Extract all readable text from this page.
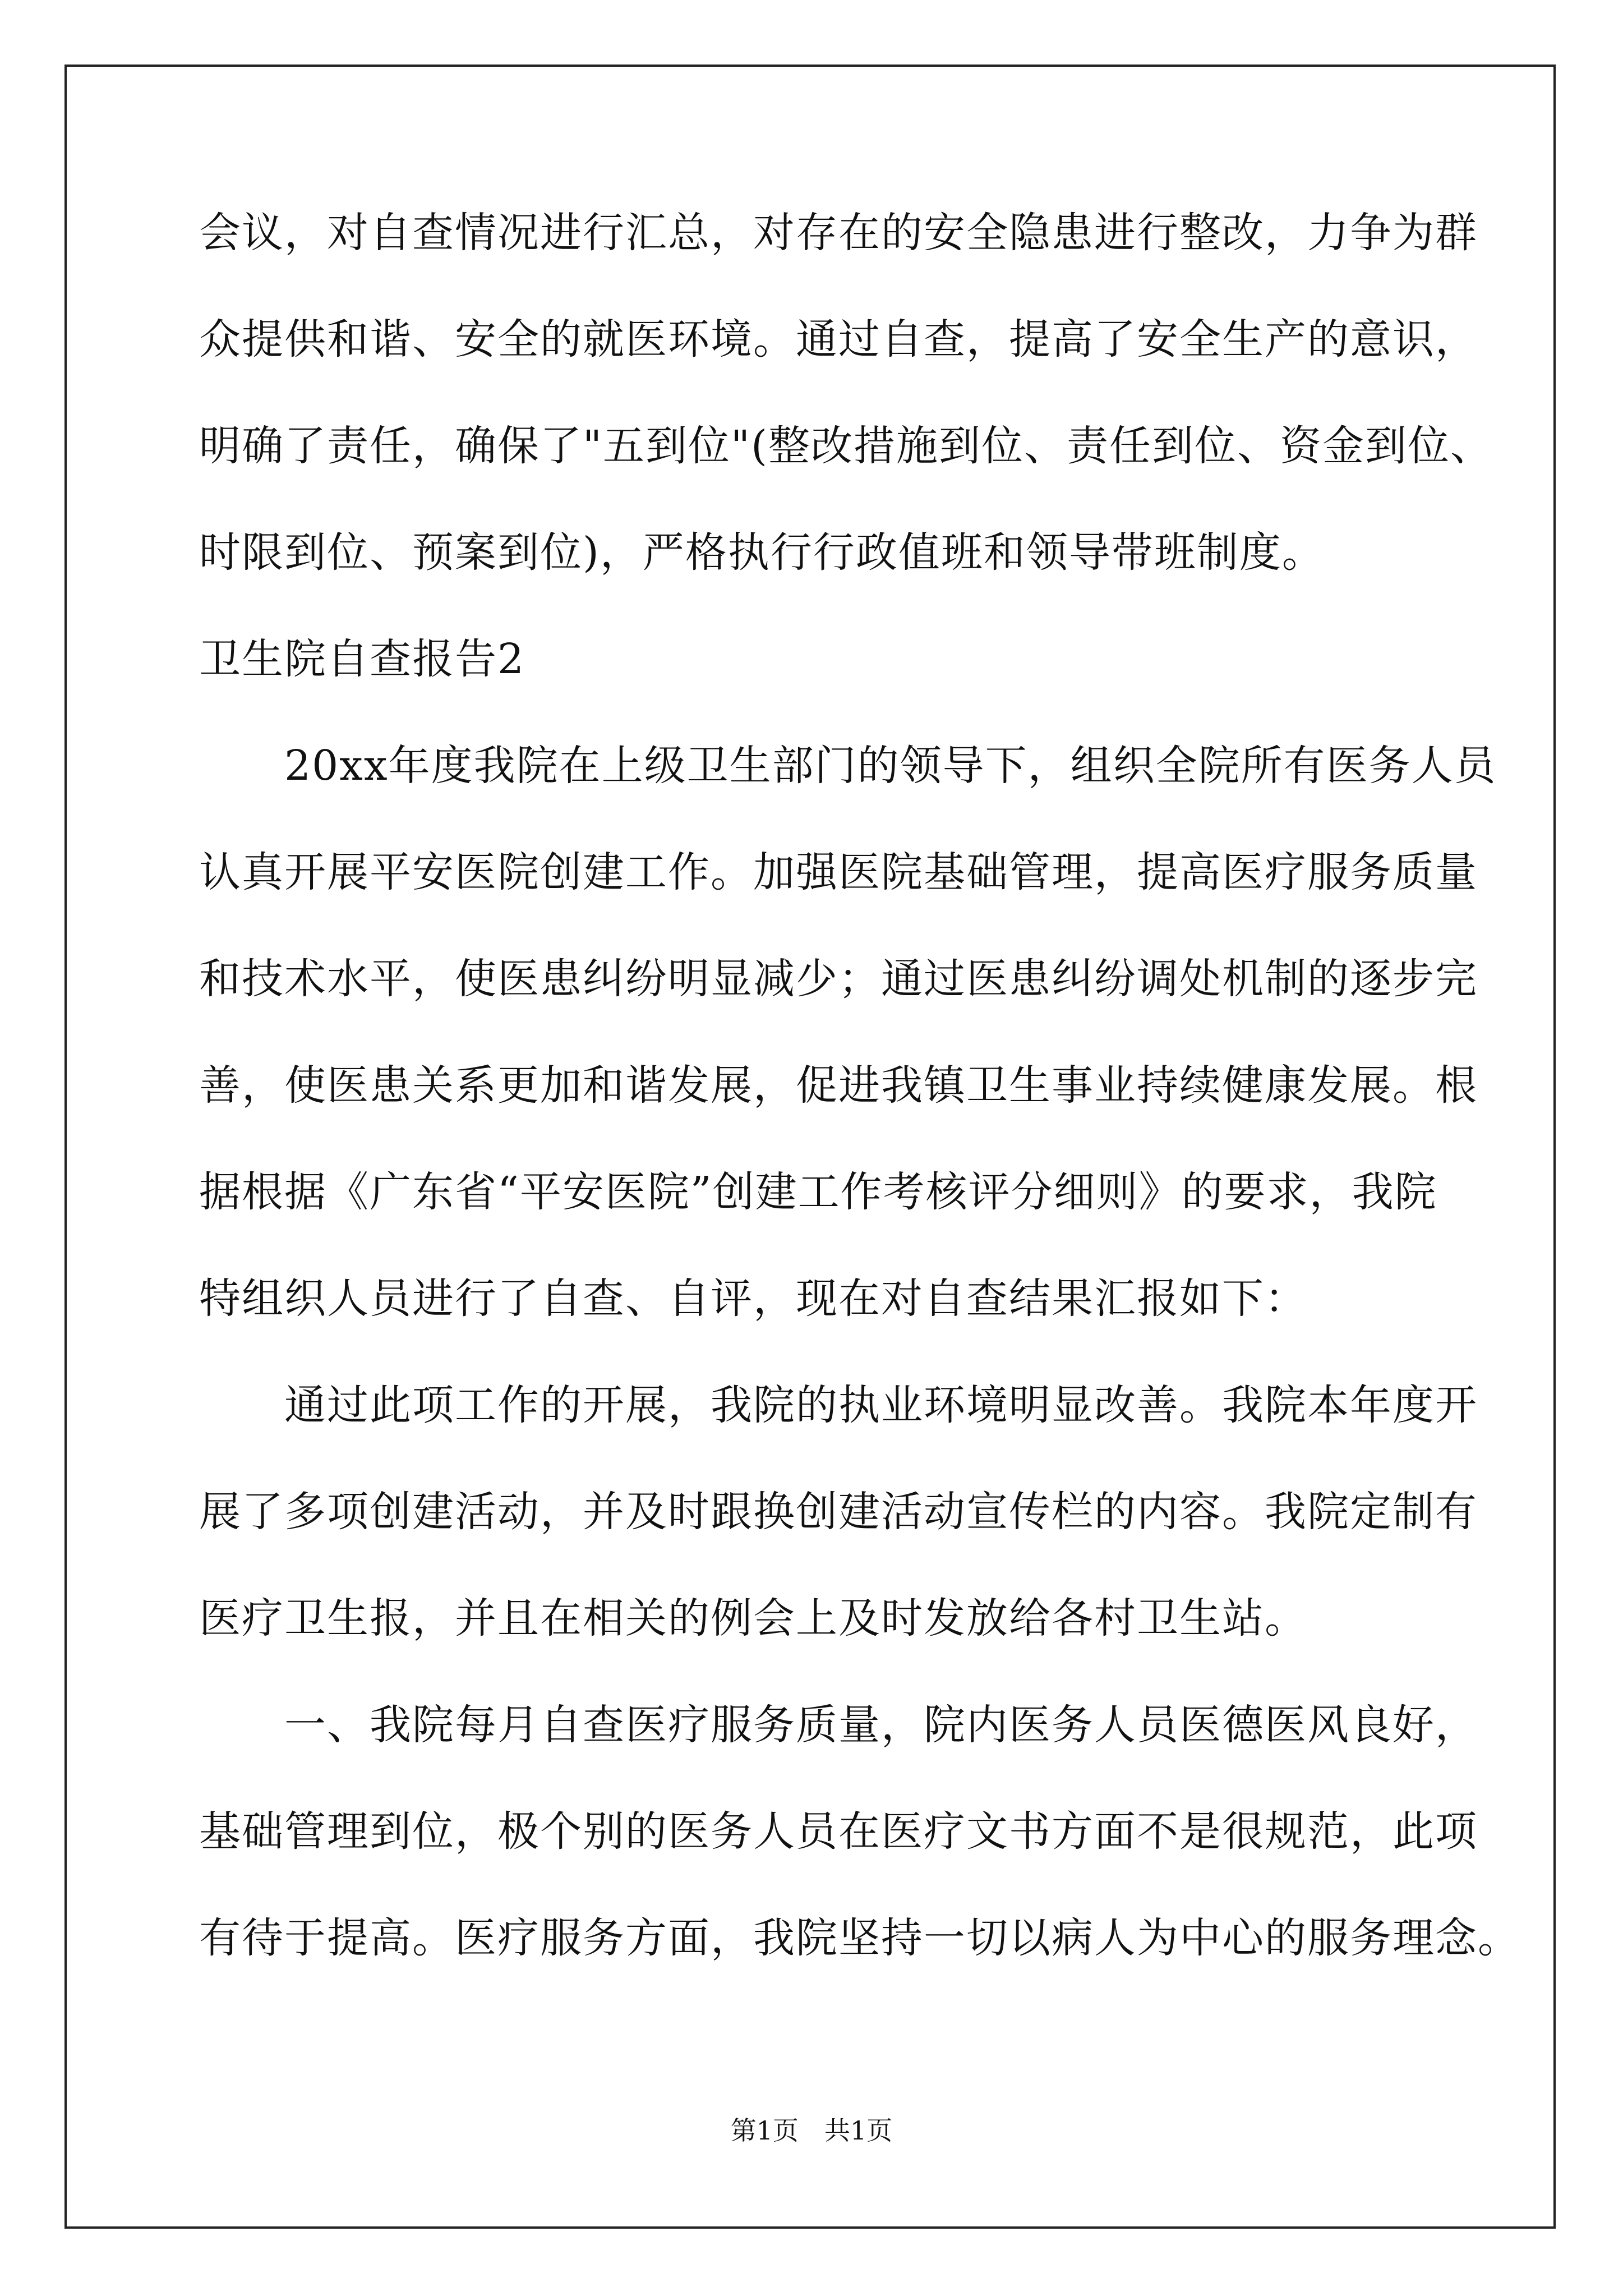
会议，对自查情况进行汇总，对存在的安全隐患进行整改，力争为群
众提供和谐、安全的就医环境。通过自查，提高了安全生产的意识，
明确了责任，确保了"五到位"(整改措施到位、责任到位、资金到位、
时限到位、预案到位)，严格执行行政值班和领导带班制度。
卫生院自查报告2
　　20xx年度我院在上级卫生部门的领导下，组织全院所有医务人员
认真开展平安医院创建工作。加强医院基础管理，提高医疗服务质量
和技术水平，使医患纠纷明显减少；通过医患纠纷调处机制的逐步完
善，使医患关系更加和谐发展，促进我镇卫生事业持续健康发展。根
据根据《广东省“平安医院”创建工作考核评分细则》的要求，我院
特组织人员进行了自查、自评，现在对自查结果汇报如下：
　　通过此项工作的开展，我院的执业环境明显改善。我院本年度开
展了多项创建活动，并及时跟换创建活动宣传栏的内容。我院定制有
医疗卫生报，并且在相关的例会上及时发放给各村卫生站。
　　一、我院每月自查医疗服务质量，院内医务人员医德医风良好，
基础管理到位，极个别的医务人员在医疗文书方面不是很规范，此项
有待于提高。医疗服务方面，我院坚持一切以病人为中心的服务理念。
第1页　共1页
